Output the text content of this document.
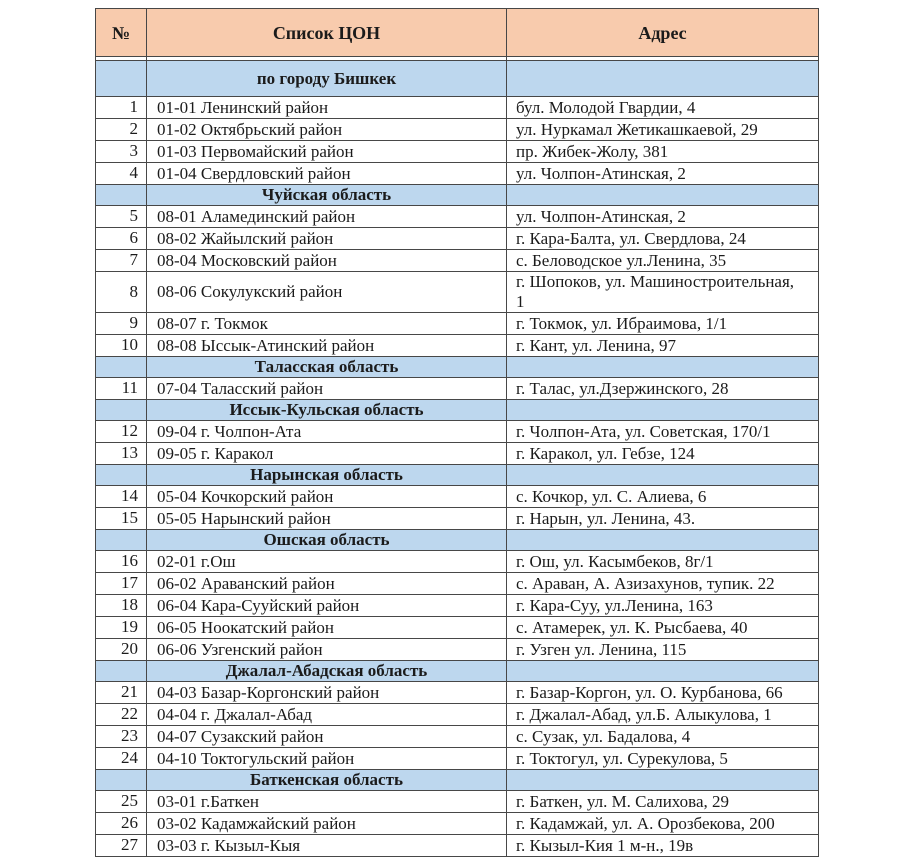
№	Список ЦОН	Адрес

	по городу Бишкек	
1	01-01 Ленинский район	бул. Молодой Гвардии, 4
2	01-02 Октябрьский район	ул. Нуркамал Жетикашкаевой, 29
3	01-03 Первомайский район	пр. Жибек-Жолу, 381
4	01-04 Свердловский район	ул. Чолпон-Атинская, 2
	Чуйская область	
5	08-01 Аламединский район	ул. Чолпон-Атинская, 2
6	08-02 Жайылский район	г. Кара-Балта, ул. Свердлова, 24
7	08-04 Московский район	с. Беловодское ул.Ленина, 35
8	08-06 Сокулукский район	г. Шопоков, ул. Машиностроительная, 1
9	08-07 г. Токмок	г. Токмок, ул. Ибраимова, 1/1
10	08-08 Ыссык-Атинский район	г. Кант, ул. Ленина, 97
	Таласская область	
11	07-04 Таласский район	г. Талас, ул.Дзержинского, 28
	Иссык-Кульская область	
12	09-04 г. Чолпон-Ата	г. Чолпон-Ата, ул. Советская, 170/1
13	09-05 г. Каракол	г. Каракол, ул. Гебзе, 124
	Нарынская область	
14	05-04 Кочкорский район	с. Кочкор, ул. С. Алиева, 6
15	05-05 Нарынский район	г. Нарын, ул. Ленина, 43.
	Ошская область	
16	02-01 г.Ош	г. Ош, ул. Касымбеков, 8г/1
17	06-02 Араванский район	с. Араван, А. Азизахунов, тупик. 22
18	06-04 Кара-Сууйский район	г. Кара-Суу, ул.Ленина, 163
19	06-05 Ноокатский район	с. Атамерек, ул. К. Рысбаева, 40
20	06-06 Узгенский район	г. Узген ул. Ленина, 115
	Джалал-Абадская область	
21	04-03 Базар-Коргонский район	г. Базар-Коргон, ул. О. Курбанова, 66
22	04-04 г. Джалал-Абад	г. Джалал-Абад, ул.Б. Алыкулова, 1
23	04-07 Сузакский район	с. Сузак, ул. Бадалова, 4
24	04-10 Токтогульский район	г. Токтогул, ул. Сурекулова, 5
	Баткенская область	
25	03-01 г.Баткен	г. Баткен, ул. М. Салихова, 29
26	03-02 Кадамжайский район	г. Кадамжай, ул. А. Орозбекова, 200
27	03-03 г. Кызыл-Кыя	г. Кызыл-Кия 1 м-н., 19в
